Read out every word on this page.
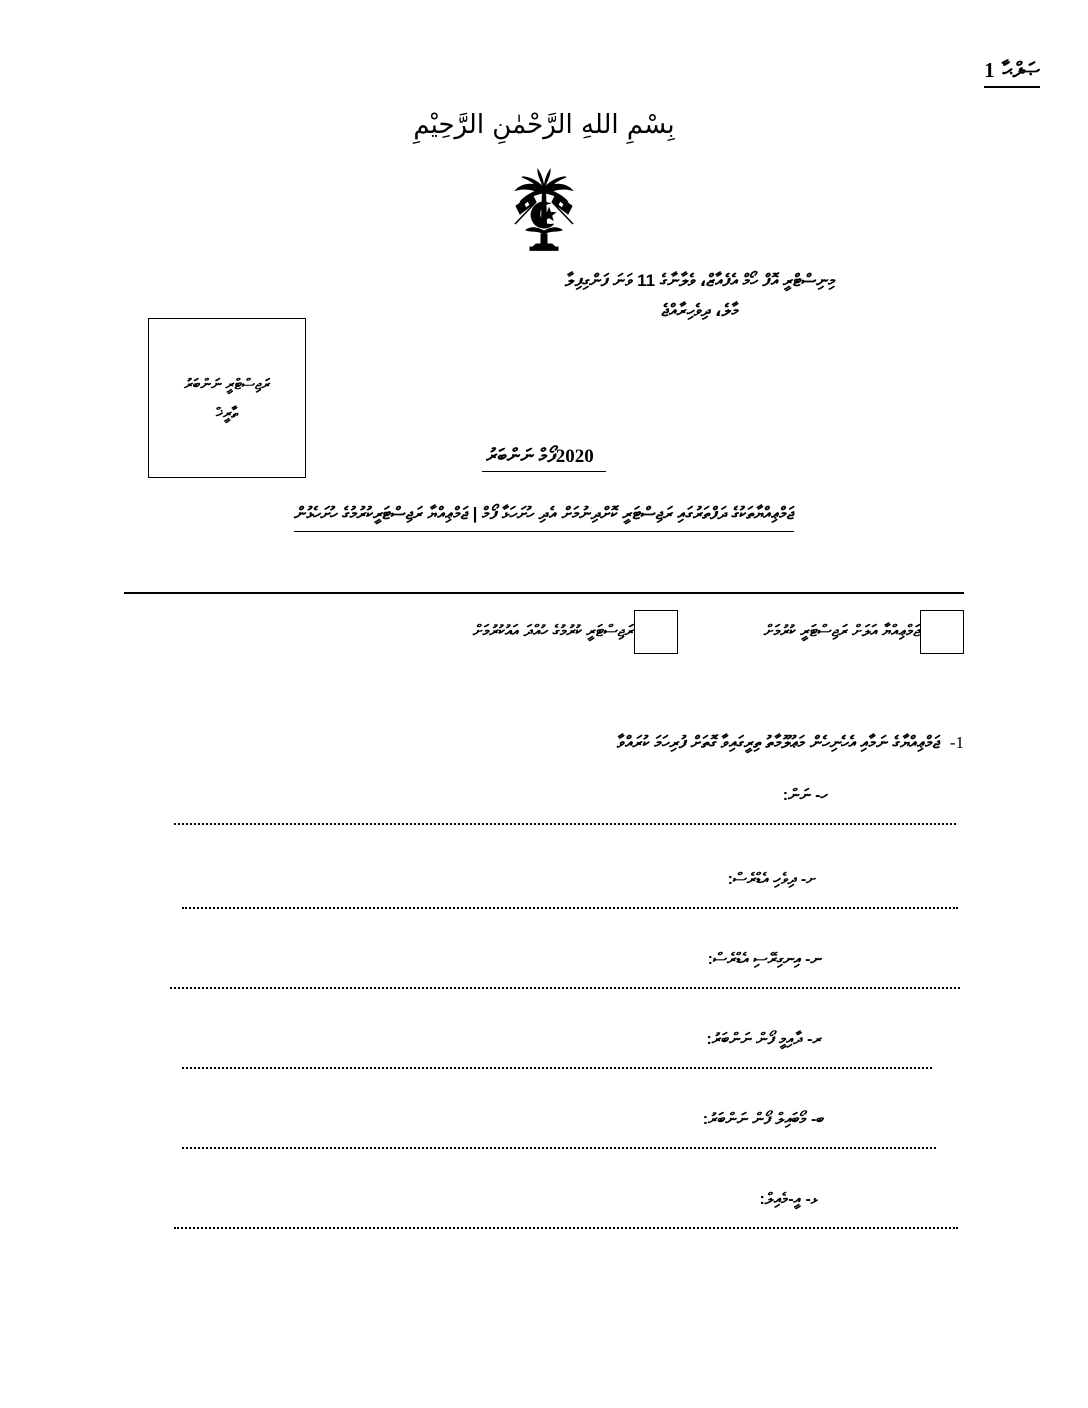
ޞަފްޙާ
1
بِسْمِ اللهِ الرَّحْمٰنِ الرَّحِيْمِ
މިނިސްޓްރީ އޮފް ހޯމް އެފެއާޒް، ވެލާނާގެ 11 ވަނަ ފަންގިފިލާ
މާލެ، ދިވެހިރާއްޖެ
ރަޖިސްޓްރީ ނަންބަރު
ތާރީޚް
ފޯމް ނަންބަރު2020
ޖަމްޢިއްޔާތަކުގެ ދަފްތަރުގައި ރަޖިސްޓަރީ ކޮށްދިނުމަށް އެދި ހުށަހަޅާ ފޯމް | ޖަމްޢިއްޔާ ރަޖިސްޓަރީކުރުމުގެ ހުށަހެޅުން
ޖަމްޢިއްޔާ އަލަށް ރަޖިސްޓަރީ ކުރުމަށް
ރަޖިސްޓަރީ ކުރުމުގެ ހުއްދަ އައުކުރުމަށް
-1
ޖަމްޢިއްޔާގެ ނަމާއި އެހެނިހެން މަޢުލޫމާތު ތިރީގައިވާ ގޮތަށް ފުރިހަމަ ކުރައްވާ
ހ- ނަން:
ށ- ދިވެހި އެޑްރެސް:
ނ- އިނގިރޭސި އެޑްރެސް:
ރ- ދާއިމީ ފޯން ނަންބަރު:
ބ- މޯބައިލް ފޯން ނަންބަރު:
ޅ- އީ-މެއިލް:
